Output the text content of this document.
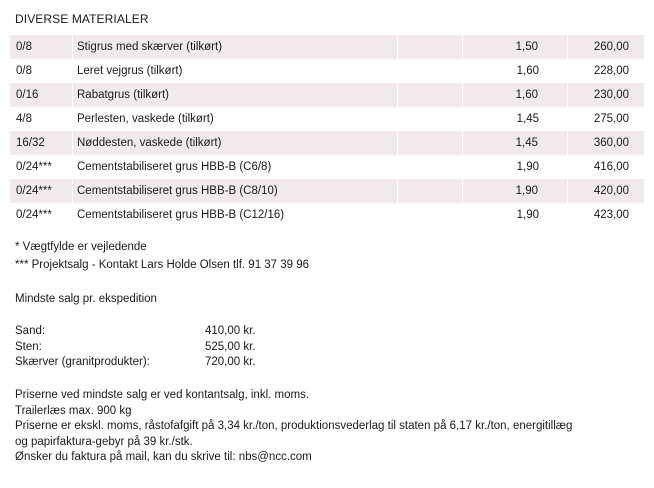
DIVERSE MATERIALER
0/8	Stigrus med skærver (tilkørt)	1,50	260,00
0/8	Leret vejgrus (tilkørt)	1,60	228,00
0/16	Rabatgrus (tilkørt)	1,60	230,00
4/8	Perlesten, vaskede (tilkørt)	1,45	275,00
16/32	Nøddesten, vaskede (tilkørt)	1,45	360,00
0/24***	Cementstabiliseret grus HBB-B (C6/8)	1,90	416,00
0/24***	Cementstabiliseret grus HBB-B (C8/10)	1,90	420,00
0/24***	Cementstabiliseret grus HBB-B (C12/16)	1,90	423,00
* Vægtfylde er vejledende
*** Projektsalg - Kontakt Lars Holde Olsen tlf. 91 37 39 96
Mindste salg pr. ekspedition
Sand:	410,00 kr.
Sten:	525,00 kr.
Skærver (granitprodukter):	720,00 kr.
Priserne ved mindste salg er ved kontantsalg, inkl. moms.
Trailerlæs max. 900 kg
Priserne er ekskl. moms, råstofafgift på 3,34 kr./ton, produktionsvederlag til staten på 6,17 kr./ton, energitillæg
og papirfaktura-gebyr på 39 kr./stk.
Ønsker du faktura på mail, kan du skrive til: nbs@ncc.com
